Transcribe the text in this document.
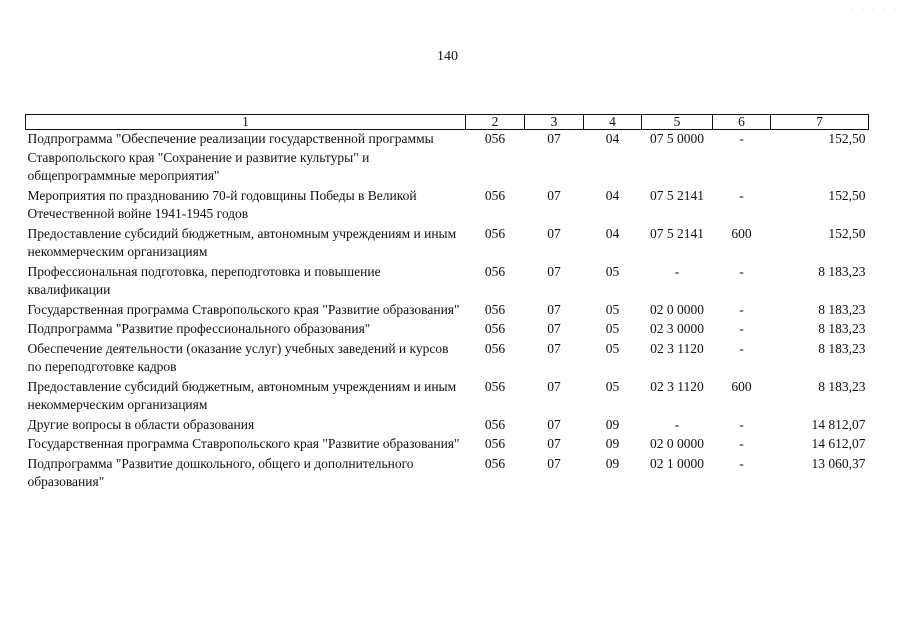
· · · · ·
140
1	2	3	4	5	6	7
Подпрограмма "Обеспечение реализации государственной программы Ставропольского края "Сохранение и развитие культуры" и общепрограммные мероприятия"	056	07	04	07 5 0000	-	152,50
Мероприятия по празднованию 70-й годовщины Победы в Великой Отечественной войне 1941-1945 годов	056	07	04	07 5 2141	-	152,50
Предоставление субсидий бюджетным, автономным учреждениям и иным некоммерческим организациям	056	07	04	07 5 2141	600	152,50
Профессиональная подготовка, переподготовка и повышение квалификации	056	07	05	-	-	8 183,23
Государственная программа Ставропольского края "Развитие образования"	056	07	05	02 0 0000	-	8 183,23
Подпрограмма "Развитие профессионального образования"	056	07	05	02 3 0000	-	8 183,23
Обеспечение деятельности (оказание услуг) учебных заведений и курсов по переподготовке кадров	056	07	05	02 3 1120	-	8 183,23
Предоставление субсидий бюджетным, автономным учреждениям и иным некоммерческим организациям	056	07	05	02 3 1120	600	8 183,23
Другие вопросы в области образования	056	07	09	-	-	14 812,07
Государственная программа Ставропольского края "Развитие образования"	056	07	09	02 0 0000	-	14 612,07
Подпрограмма "Развитие дошкольного, общего и дополнительного образования"	056	07	09	02 1 0000	-	13 060,37
